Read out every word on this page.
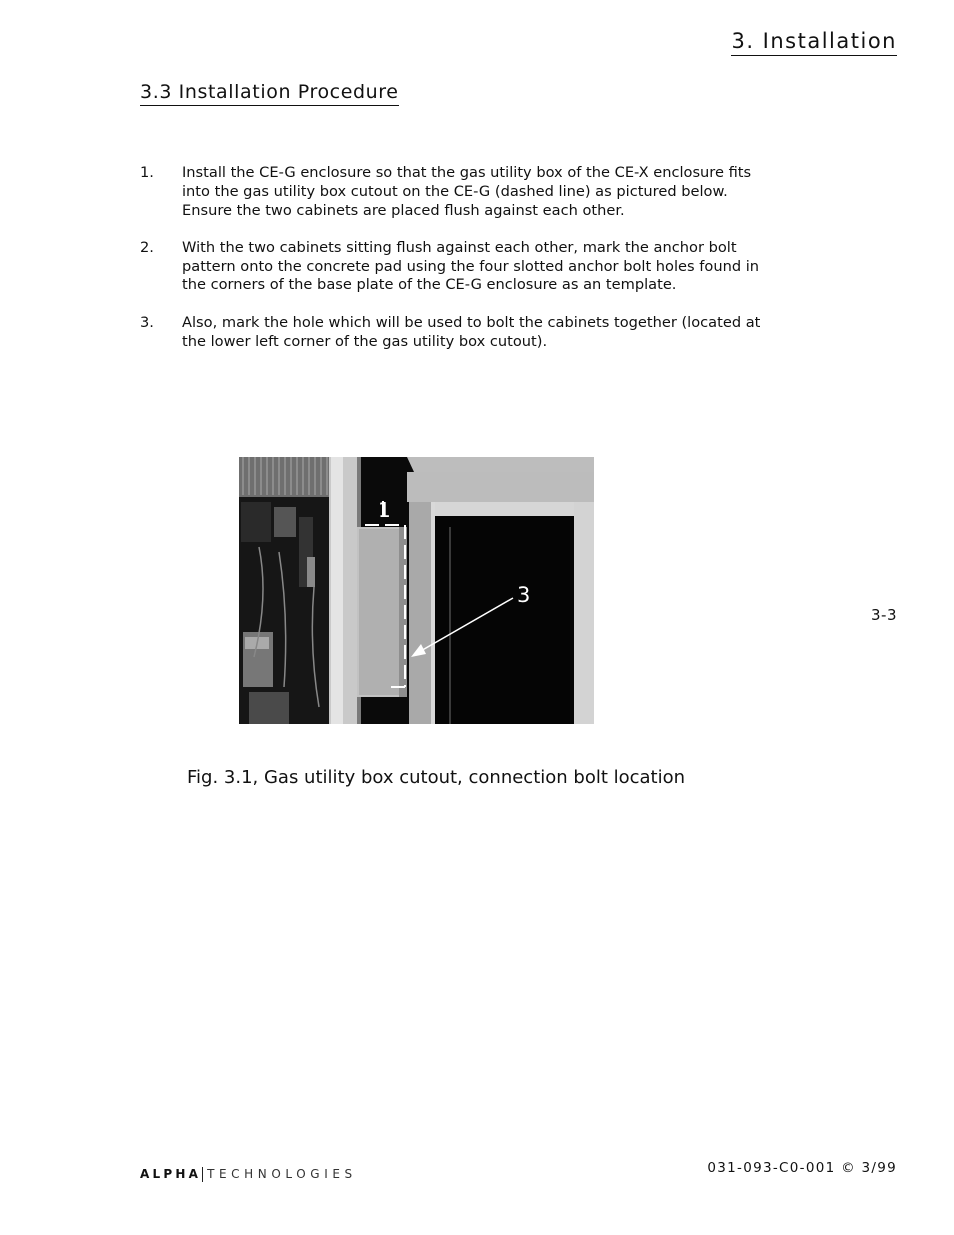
3. Installation
3.3 Installation Procedure
1.	Install the CE-G enclosure so that the gas utility box of the CE-X enclosure fits into the gas utility box cutout on the CE-G (dashed line) as pictured below. Ensure the two cabinets are placed flush against each other.
2.	With the two cabinets sitting flush against each other, mark the anchor bolt pattern onto the concrete pad using the four slotted anchor bolt holes found in the corners of the base plate of the CE-G enclosure as an template.
3.	Also, mark the hole which will be used to bolt the cabinets together (located at the lower left corner of the gas utility box cutout).
1
3
Fig. 3.1, Gas utility box cutout, connection bolt location
3-3
ALPHA TECHNOLOGIES	031-093-C0-001 © 3/99
